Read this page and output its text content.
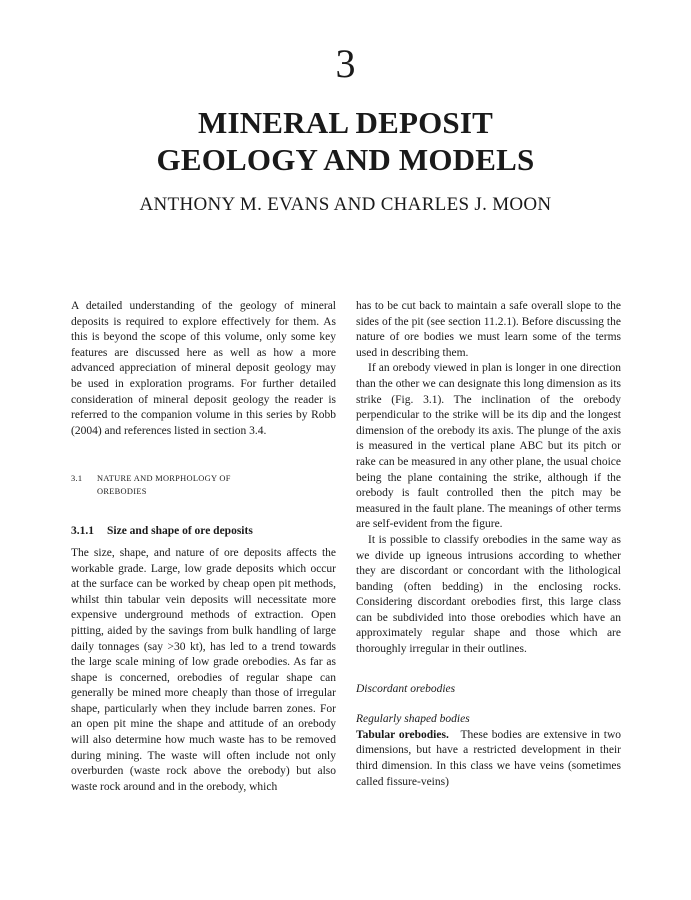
3
MINERAL DEPOSIT
GEOLOGY AND MODELS
ANTHONY M. EVANS AND CHARLES J. MOON

A detailed understanding of the geology of mineral deposits is required to explore effectively for them. As this is beyond the scope of this volume, only some key features are discussed here as well as how a more advanced appreciation of mineral deposit geology may be used in exploration programs. For further detailed consideration of mineral deposit geology the reader is referred to the companion volume in this series by Robb (2004) and references listed in section 3.4.

3.1 NATURE AND MORPHOLOGY OF
OREBODIES
3.1.1 Size and shape of ore deposits

The size, shape, and nature of ore deposits affects the workable grade. Large, low grade deposits which occur at the surface can be worked by cheap open pit methods, whilst thin tabular vein deposits will necessitate more expensive underground methods of extraction. Open pitting, aided by the savings from bulk handling of large daily tonnages (say >30 kt), has led to a trend towards the large scale mining of low grade orebodies. As far as shape is concerned, orebodies of regular shape can generally be mined more cheaply than those of irregular shape, particularly when they include barren zones. For an open pit mine the shape and attitude of an orebody will also determine how much waste has to be removed during mining. The waste will often include not only overburden (waste rock above the orebody) but also waste rock around and in the orebody, which

has to be cut back to maintain a safe overall slope to the sides of the pit (see section 11.2.1). Before discussing the nature of ore bodies we must learn some of the terms used in describing them.

If an orebody viewed in plan is longer in one direction than the other we can designate this long dimension as its strike (Fig. 3.1). The inclination of the orebody perpendicular to the strike will be its dip and the longest dimension of the orebody its axis. The plunge of the axis is measured in the vertical plane ABC but its pitch or rake can be measured in any other plane, the usual choice being the plane containing the strike, although if the orebody is fault controlled then the pitch may be measured in the fault plane. The meanings of other terms are self-evident from the figure.

It is possible to classify orebodies in the same way as we divide up igneous intrusions according to whether they are discordant or concordant with the lithological banding (often bedding) in the enclosing rocks. Considering discordant orebodies first, this large class can be subdivided into those orebodies which have an approximately regular shape and those which are thoroughly irregular in their outlines.

Discordant orebodies
Regularly shaped bodies

Tabular orebodies. These bodies are extensive in two dimensions, but have a restricted development in their third dimension. In this class we have veins (sometimes called fissure-veins)
